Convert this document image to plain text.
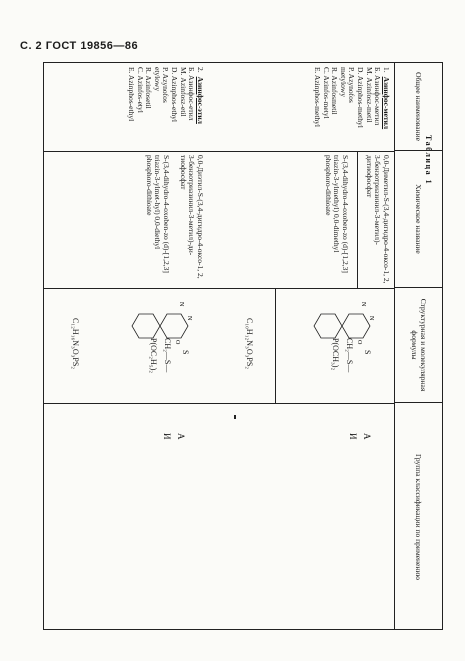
С. 2 ГОСТ 19856—86
Таблица 1
Общее наименование
Химическое название
Структурная и молекулярная формулы
Группа классификации по применению
1.Азинфос-метил
Б. Азинфос-метил
М. Azinfosz-metil
D. Azinphos-methyl
P. Azynofos
metylowy
R. Azinfosmetil
C. Azinfos-metyl
E. Azinphos-methyl
0,0-Диметил-S-(3,4-дигидро-4-оксо-1, 2, 3-бензотриазинил-3-метил)-дитиофосфат
S-(3,4-dihydro-4-oxoben-zo (d)-[1,2,3] triazin-3-ylmethyl) 0,0-dimethyl phosphoro-dithioate
N
N
O
S
CH₂—S—
P(OCH₃)₂
C₁₀H₁₂N₃O₃PS₂
А
И
2.Азинфос-этил
Б. Азинфос-етил
М. Azinfosz-etil
D. Azinphos-ethyl
P. Azynofos
etylowy
R. Azinfosetil
C. Azinfos-etyl
E. Azinphos-ethyl
0,0-Диэтил-S-(3,4-дигидро-4-оксо-1, 2, 3-бензотриазинил-3-метил)-дитиофосфат
S-(3,4-dihydro-4-oxoben-zo (d)-[1,2,3] triazin-3-ylmet-hyl) 0,0-diethyl phosphoro-dithioate
N
N
O
S
CH₂—S—
P(OC₂H₅)₂
C₁₂H₁₆N₃O₃PS₂
А
И
